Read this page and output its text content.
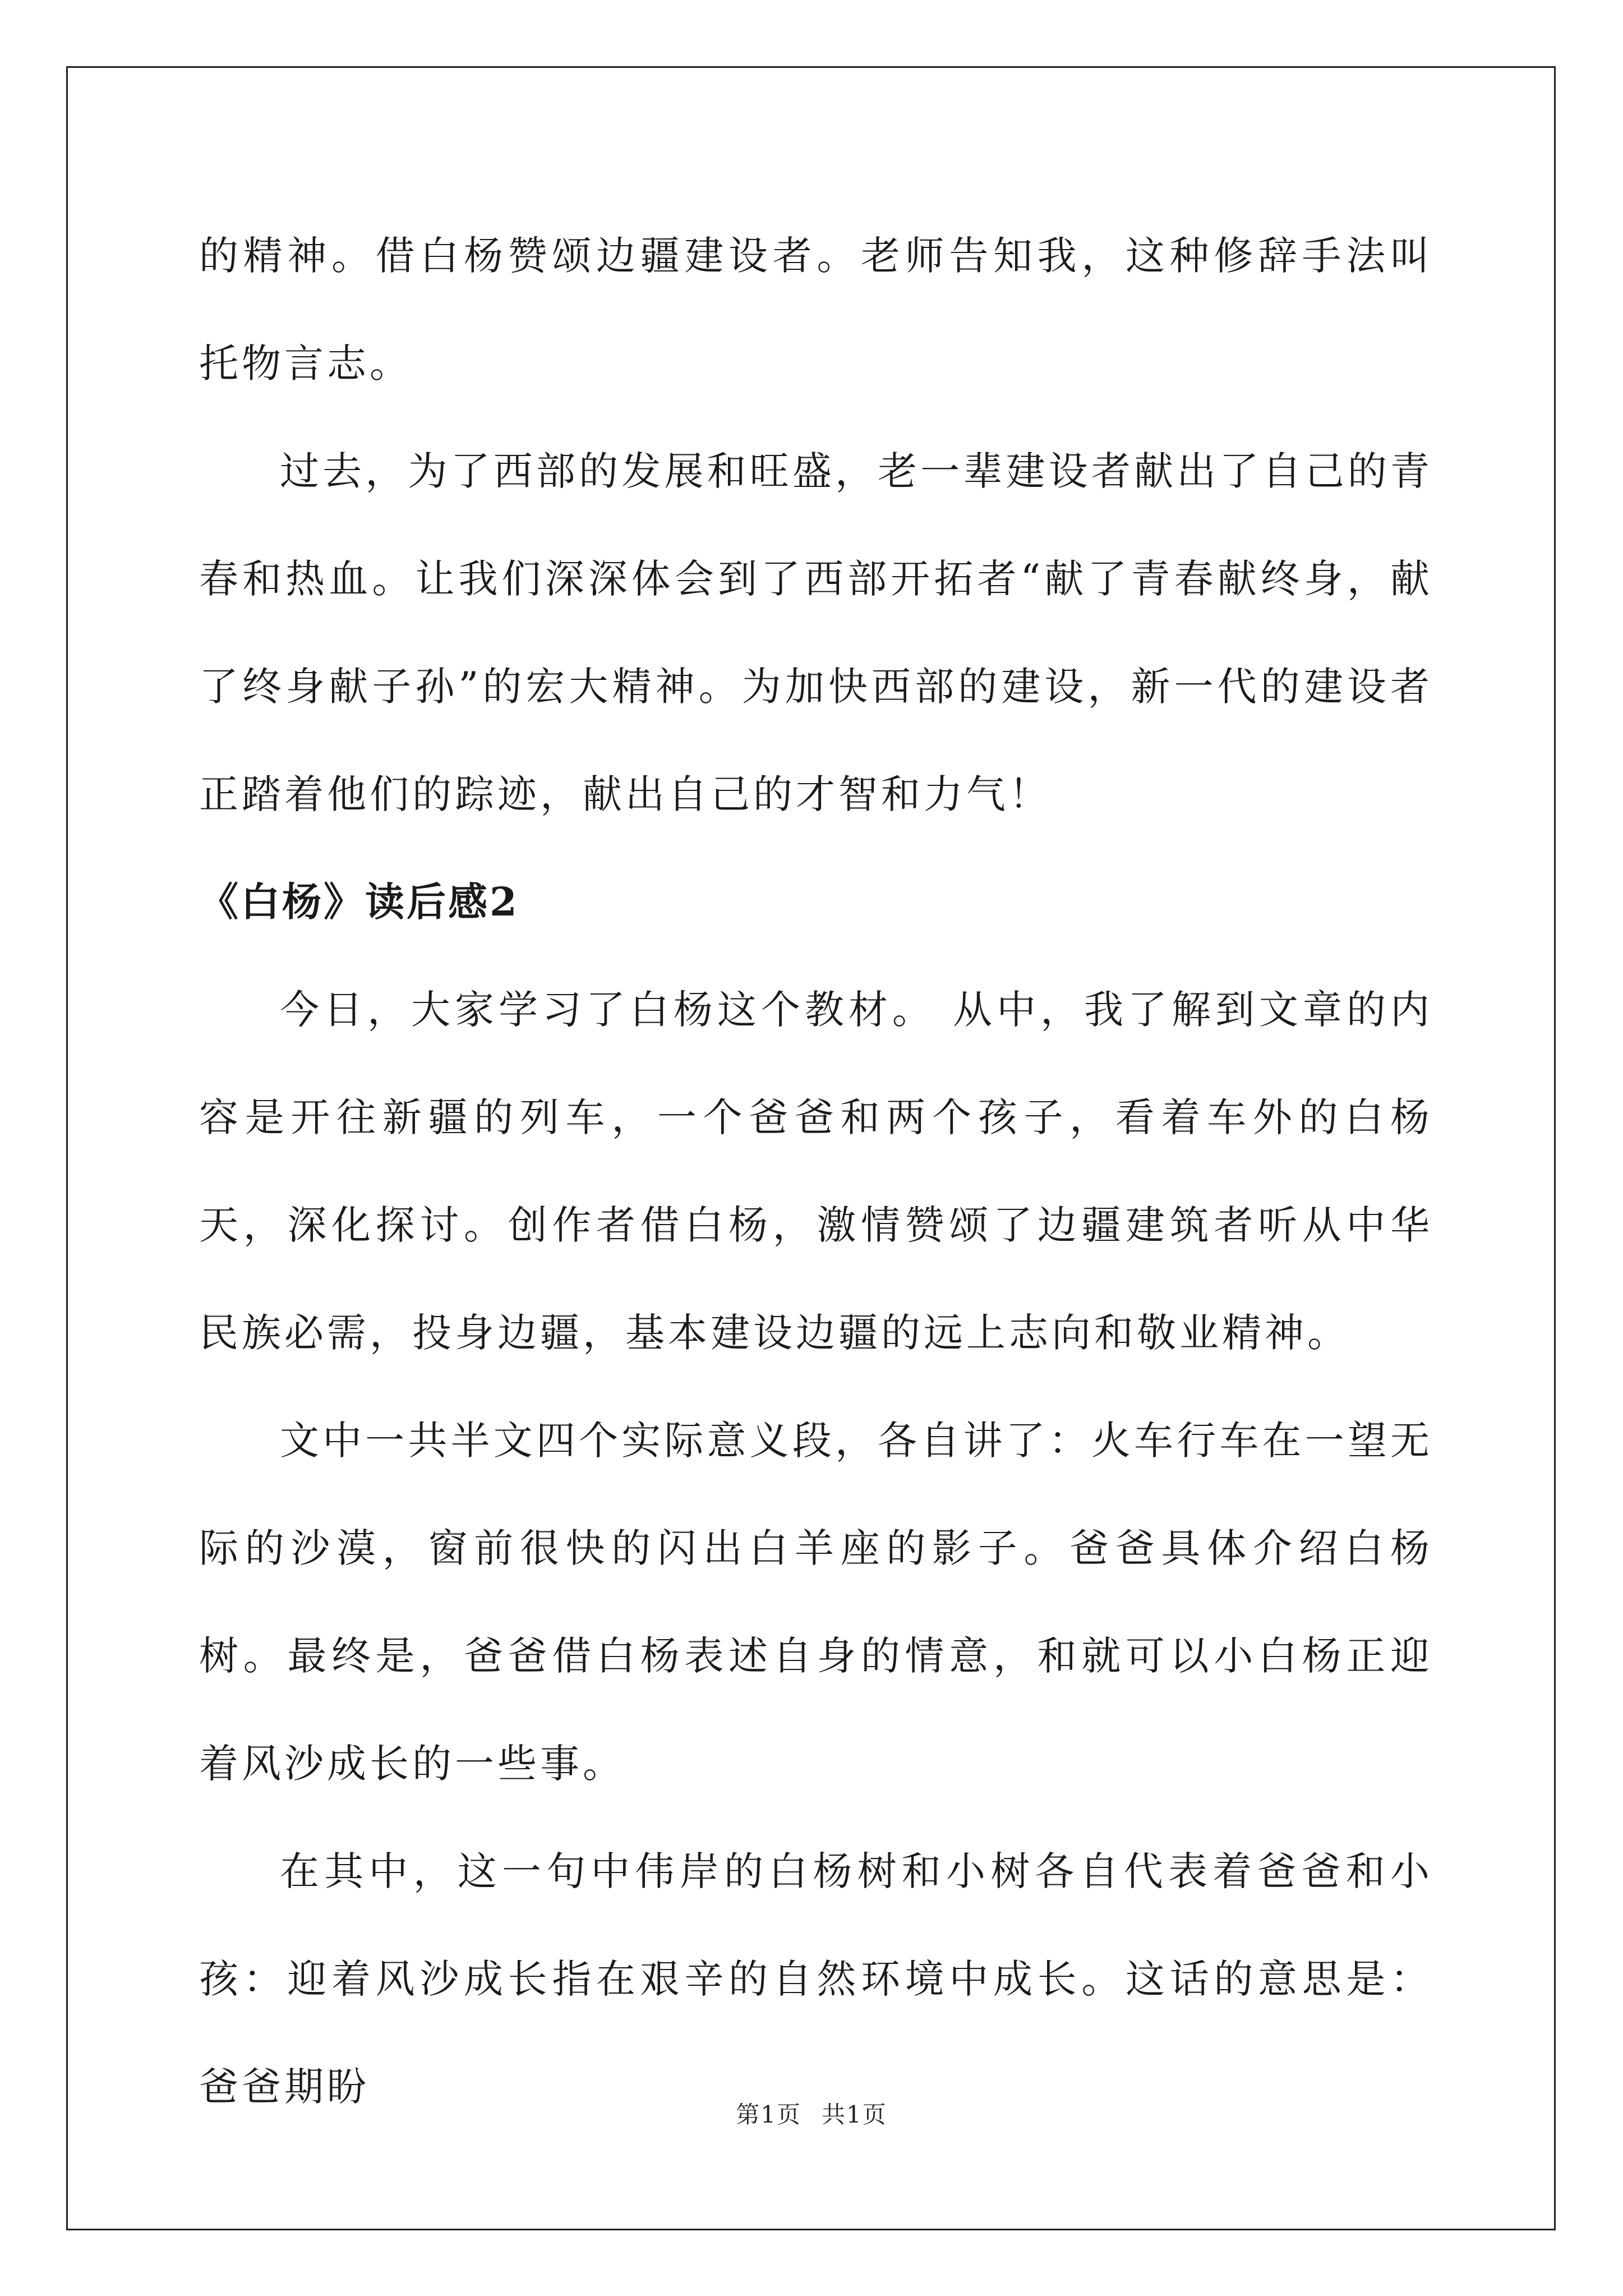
的精神。借白杨赞颂边疆建设者。老师告知我，这种修辞手法叫托物言志。

过去，为了西部的发展和旺盛，老一辈建设者献出了自己的青春和热血。让我们深深体会到了西部开拓者“献了青春献终身，献了终身献子孙”的宏大精神。为加快西部的建设，新一代的建设者正踏着他们的踪迹，献出自己的才智和力气！

《白杨》读后感2

今日，大家学习了白杨这个教材。 从中，我了解到文章的内容是开往新疆的列车，一个爸爸和两个孩子，看着车外的白杨天，深化探讨。创作者借白杨，激情赞颂了边疆建筑者听从中华民族必需，投身边疆，基本建设边疆的远上志向和敬业精神。

文中一共半文四个实际意义段，各自讲了：火车行车在一望无际的沙漠，窗前很快的闪出白羊座的影子。爸爸具体介绍白杨树。最终是，爸爸借白杨表述自身的情意，和就可以小白杨正迎着风沙成长的一些事。

在其中，这一句中伟岸的白杨树和小树各自代表着爸爸和小孩：迎着风沙成长指在艰辛的自然环境中成长。这话的意思是：爸爸期盼

第1页 共1页
